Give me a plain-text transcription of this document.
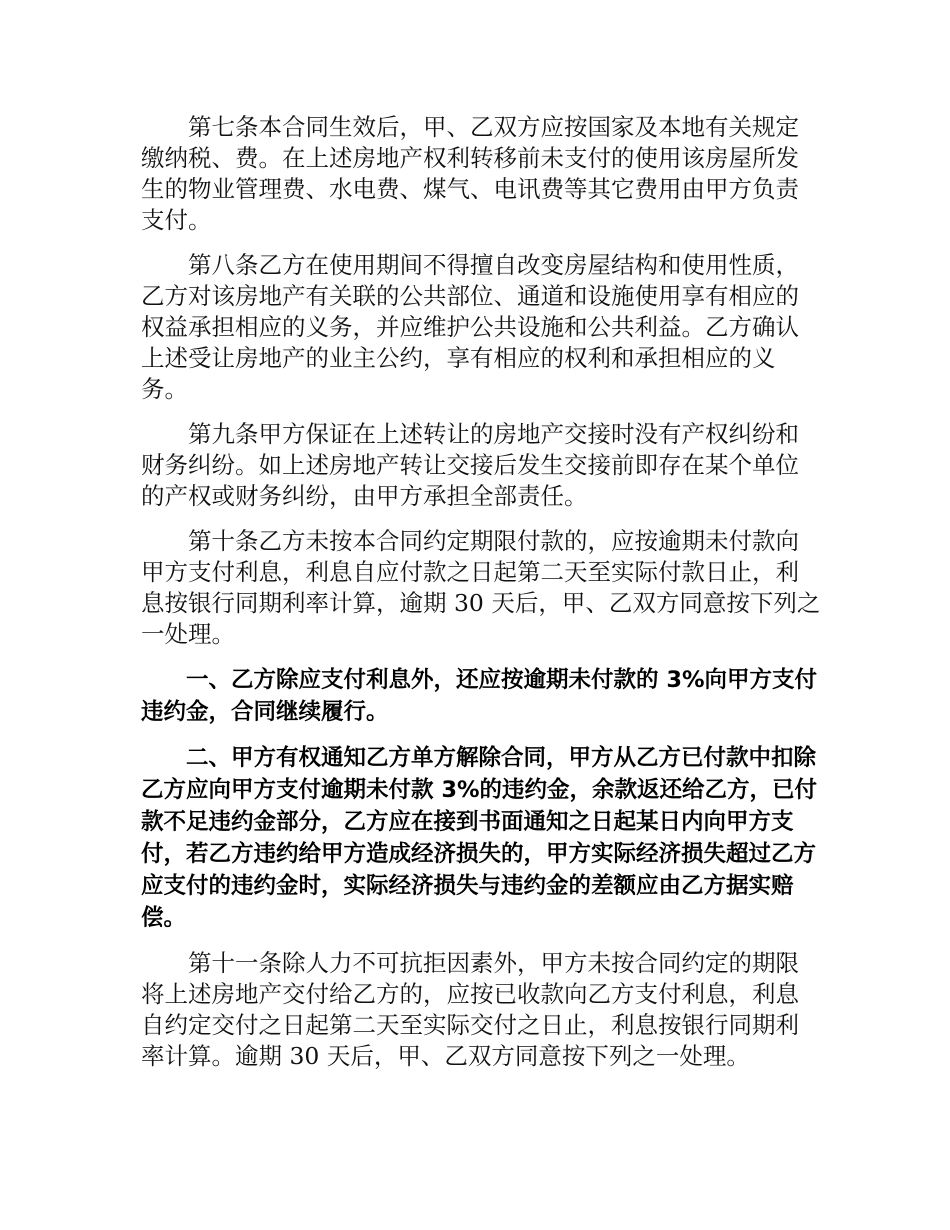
第七条本合同生效后，甲、乙双方应按国家及本地有关规定缴纳税、费。在上述房地产权利转移前未支付的使用该房屋所发生的物业管理费、水电费、煤气、电讯费等其它费用由甲方负责支付。

第八条乙方在使用期间不得擅自改变房屋结构和使用性质，乙方对该房地产有关联的公共部位、通道和设施使用享有相应的权益承担相应的义务，并应维护公共设施和公共利益。乙方确认上述受让房地产的业主公约，享有相应的权利和承担相应的义务。

第九条甲方保证在上述转让的房地产交接时没有产权纠纷和财务纠纷。如上述房地产转让交接后发生交接前即存在某个单位的产权或财务纠纷，由甲方承担全部责任。

第十条乙方未按本合同约定期限付款的，应按逾期未付款向甲方支付利息，利息自应付款之日起第二天至实际付款日止，利息按银行同期利率计算，逾期 30 天后，甲、乙双方同意按下列之一处理。

一、乙方除应支付利息外，还应按逾期未付款的 3%向甲方支付违约金，合同继续履行。

二、甲方有权通知乙方单方解除合同，甲方从乙方已付款中扣除乙方应向甲方支付逾期未付款 3%的违约金，余款返还给乙方，已付款不足违约金部分，乙方应在接到书面通知之日起某日内向甲方支付，若乙方违约给甲方造成经济损失的，甲方实际经济损失超过乙方应支付的违约金时，实际经济损失与违约金的差额应由乙方据实赔偿。

第十一条除人力不可抗拒因素外，甲方未按合同约定的期限将上述房地产交付给乙方的，应按已收款向乙方支付利息，利息自约定交付之日起第二天至实际交付之日止，利息按银行同期利率计算。逾期 30 天后，甲、乙双方同意按下列之一处理。
